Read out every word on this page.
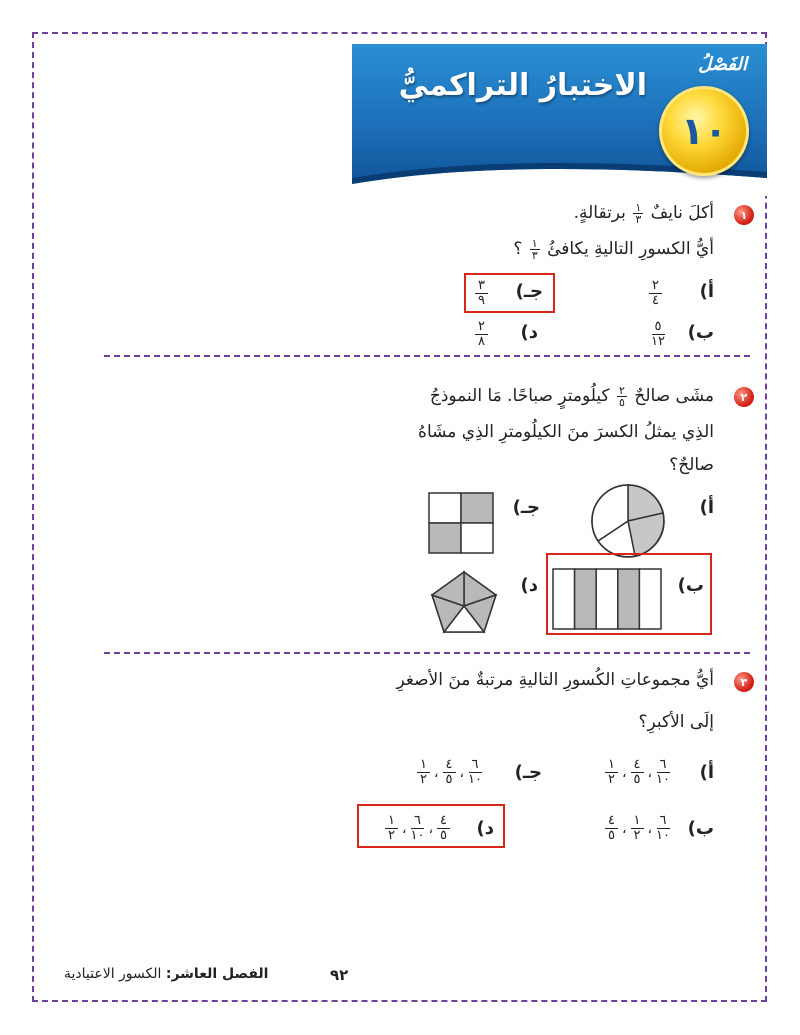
الفَصْلُ
الاختبارُ التراكميُّ
١٠
١
أكلَ نايفٌ
$\frac{١}{٣}$
برتقالةٍ.
أيُّ الكسورِ التاليةِ يكافئُ
$\frac{١}{٣}$
؟
أ)
٢
٤
جـ)
٣
٩
ب)
٥
١٢
د)
٢
٨
٢
مشَى صالحٌ
$\frac{٢}{٥}$
كيلُومترٍ صباحًا. مَا النموذجُ
الذِي يمثلُ الكسرَ منَ الكيلُومترِ الذِي مشَاهُ
صالحٌ؟
أ)
جـ)
ب)
د)
٣
أيُّ مجموعاتِ الكُسورِ التاليةِ مرتبةٌ منَ الأصغرِ
إلَى الأكبرِ؟
أ)
$\frac{١}{٢}$ ، $\frac{٤}{٥}$ ، $\frac{٦}{١٠}$
جـ)
$\frac{١}{٢}$ ، $\frac{٤}{٥}$ ، $\frac{٦}{١٠}$
ب)
$\frac{٤}{٥}$ ، $\frac{١}{٢}$ ، $\frac{٦}{١٠}$
د)
$\frac{١}{٢}$ ، $\frac{٦}{١٠}$ ، $\frac{٤}{٥}$
٩٢
الفصل العاشر: الكسور الاعتيادية
